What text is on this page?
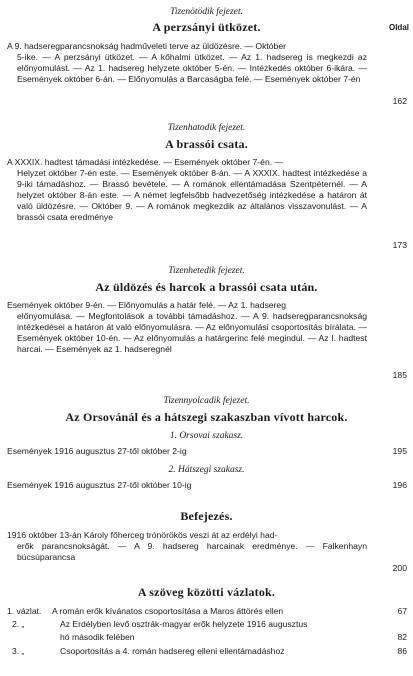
Oldal
Tizenötödik fejezet.
A perzsányi ütközet.
A 9. hadseregparancsnokság hadműveleti terve az üldözésre. — Október
5-ike. — A perzsányi ütközet. — A kőhalmi ütközet. — Az 1. hadsereg is megkezdi az előnyomulást. — Az 1. hadsereg helyzete október 5-én. — Intézkedés október 6-ikára. — Események október 6-án. — Előnyomulás a Barcaságba felé. — Események október 7-én
162
Tizenhatodik fejezet.
A brassói csata.
A XXXIX. hadtest támadási intézkedése. — Események október 7-én. —
Helyzet október 7-én este. — Események október 8-án. — A XXXIX. hadtest intézkedése a 9-iki támadáshoz. — Brassó bevétele. — A románok ellentámadása Szentpéternél. — A helyzet október 8-án este. — A német legfelsőbb hadvezetőség intézkedése a határon át való üldözésre. — Október 9. — A románok megkezdik az általános visszavonulást. — A brassói csata eredménye
173
Tizenhetedik fejezet.
Az üldözés és harcok a brassói csata után.
Események október 9-én. — Előnyomulás a határ felé. — Az 1. hadsereg
előnyomulása. — Megfontolások a további támadáshoz. — A 9. hadseregparancsnokság intézkedései a határon át való előnyomulásra. — Az előnyomulási csoportosítás bírálata. — Események október 10-én. — Az előnyomulás a határgerinc felé megindul. — Az I. hadtest harcai. — Események az 1. hadseregnél
185
Tizennyolcadik fejezet.
Az Orsovánál és a hátszegi szakaszban vívott harcok.
1. Orsovai szakasz.
Események 1916 augusztus 27-től október 2-ig	195
2. Hátszegi szakasz.
Események 1916 augusztus 27-től október 10-ig	196
Befejezés.
1916 október 13-án Károly főherceg trónörökös veszi át az erdélyi had-
erők parancsnokságát. — A 9. hadsereg harcainak eredménye. — Falkenhayn búcsúparancsa
200
A szöveg közötti vázlatok.
1. vázlat. A román erők kívánatos csoportosítása a Maros áttörés ellen	67
2. „	Az Erdélyben levő osztrák-magyar erők helyzete 1916 augusztus
hó második felében	82
3. „	Csoportosítás a 4. román hadsereg elleni ellentámadáshoz	86
